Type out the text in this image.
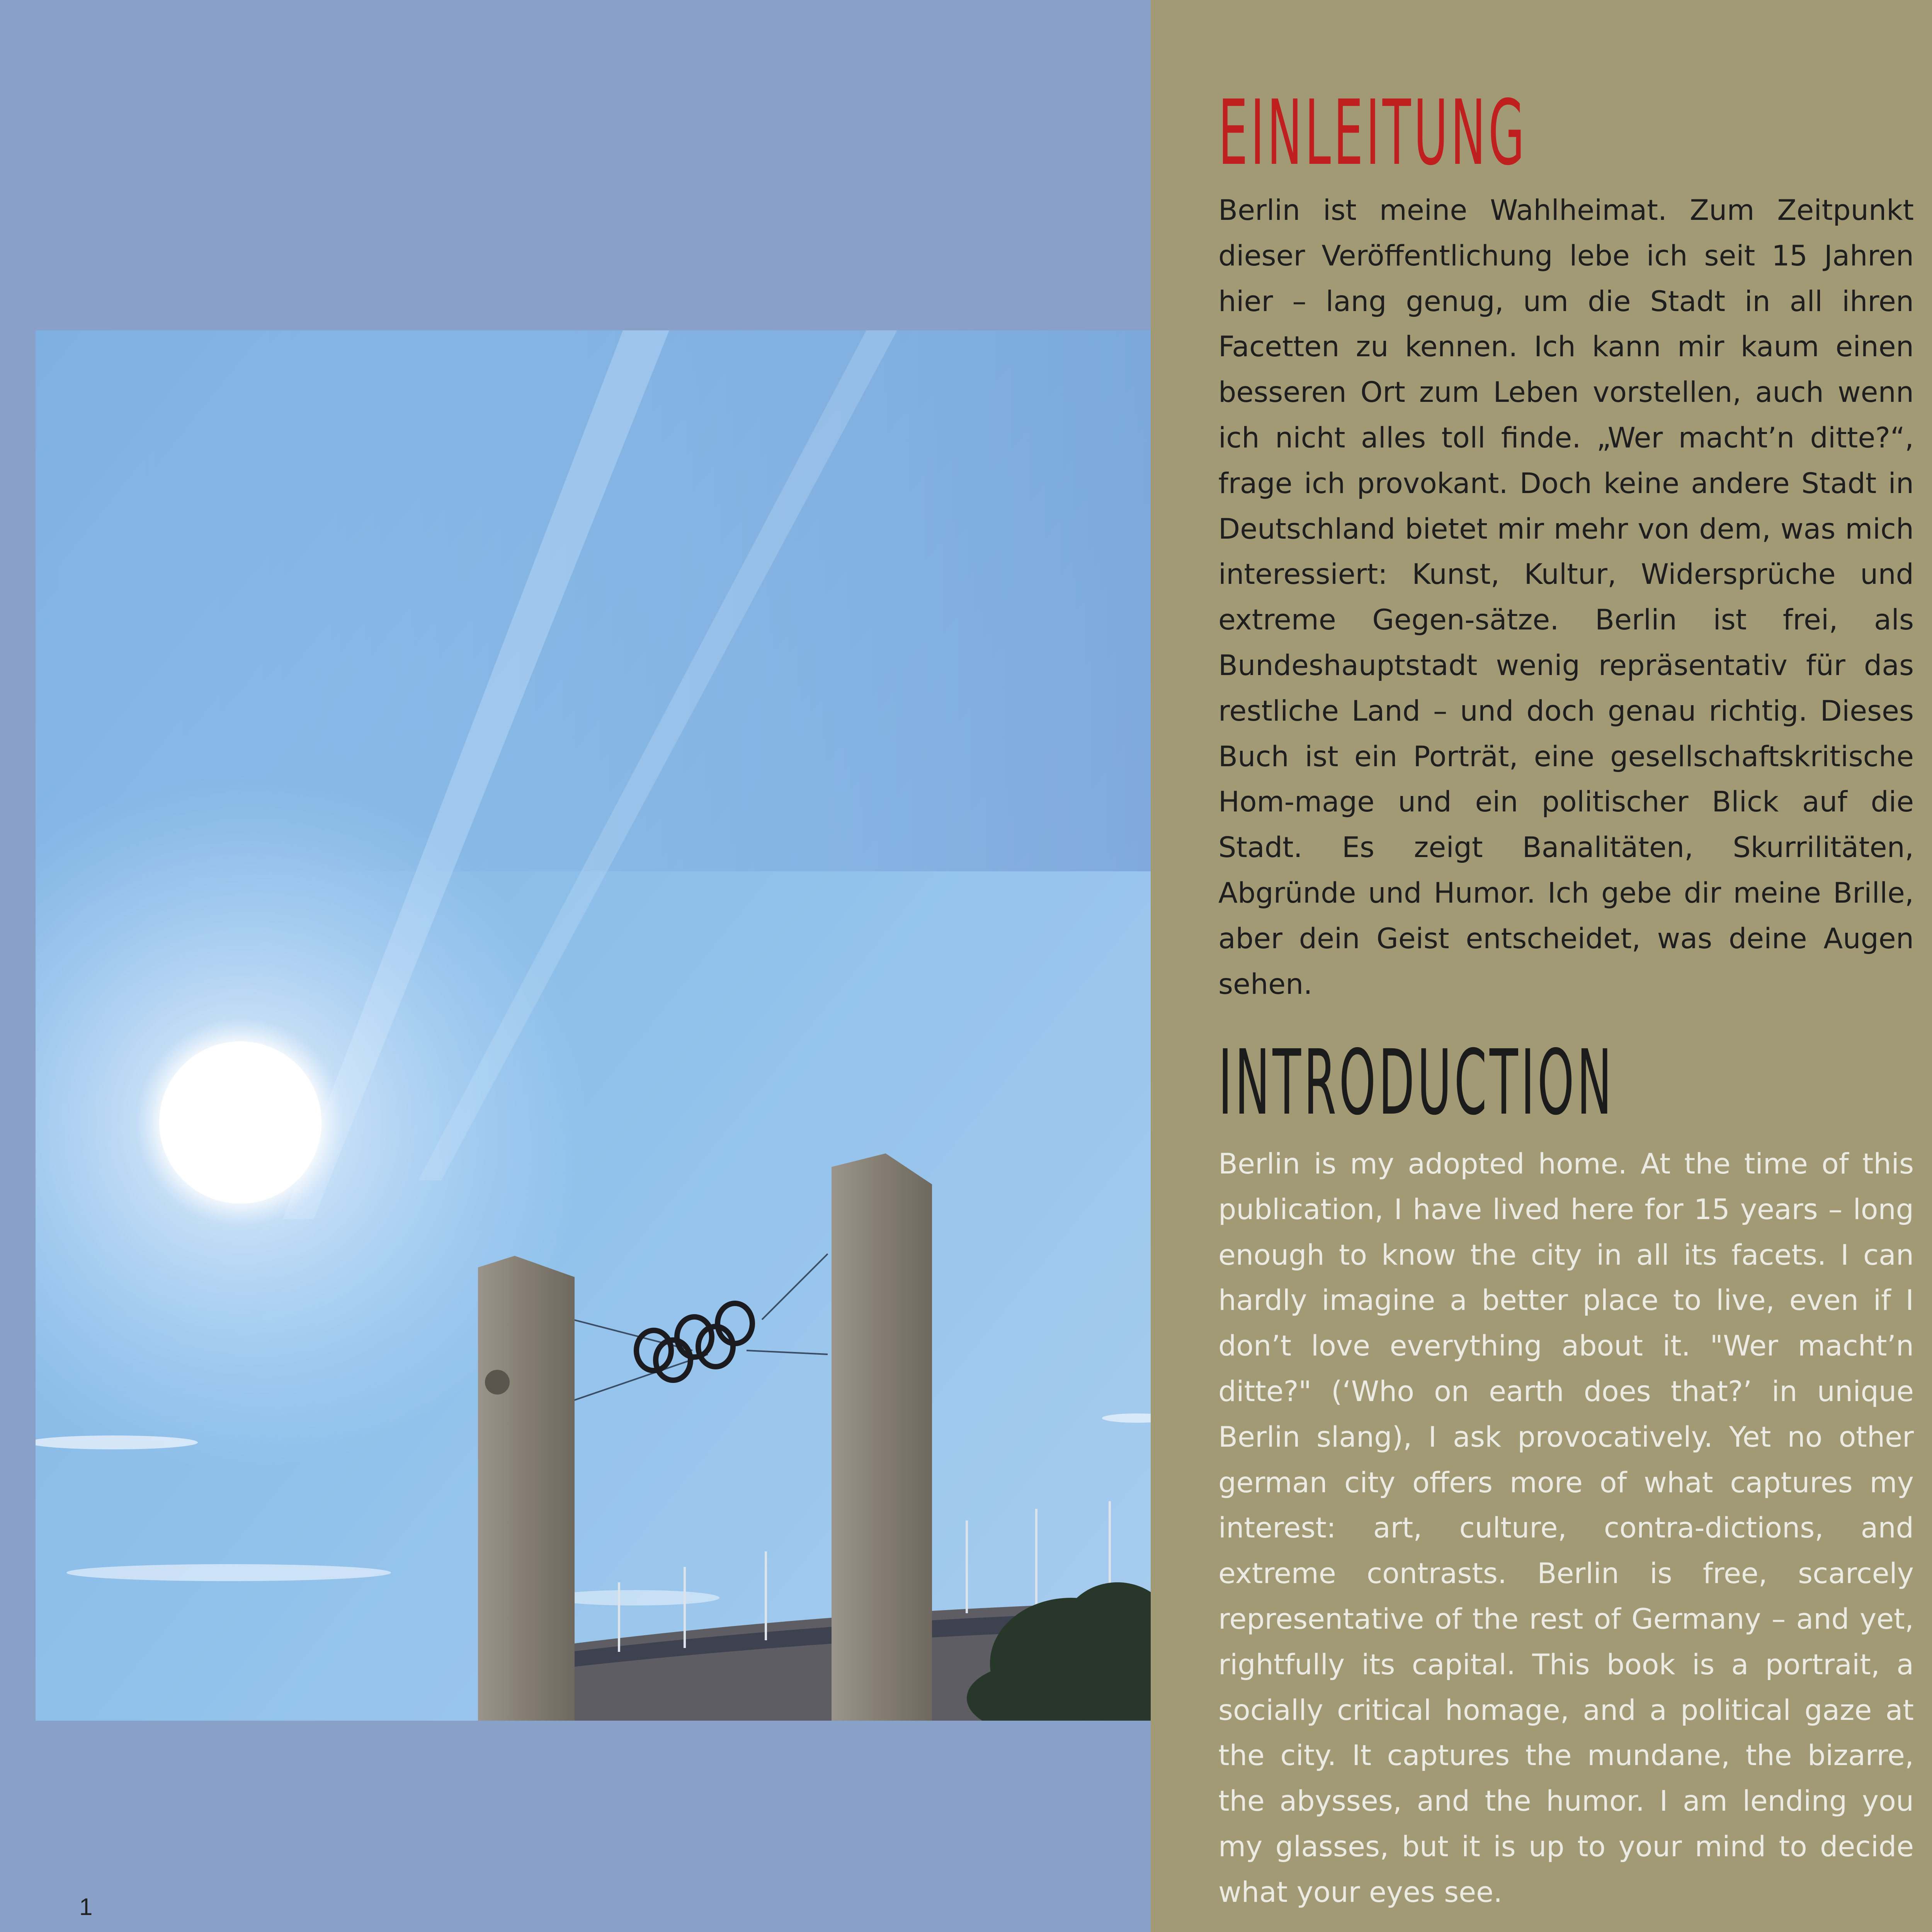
1
EINLEITUNG

Berlin ist meine Wahlheimat. Zum Zeitpunkt dieser Veröffentlichung lebe ich seit 15 Jahren hier – lang genug, um die Stadt in all ihren Facetten zu kennen. Ich kann mir kaum einen besseren Ort zum Leben vorstellen, auch wenn ich nicht alles toll finde. „Wer macht’n ditte?“, frage ich provokant. Doch keine andere Stadt in Deutschland bietet mir mehr von dem, was mich interessiert: Kunst, Kultur, Widersprüche und extreme Gegen-sätze. Berlin ist frei, als Bundeshauptstadt wenig repräsentativ für das restliche Land – und doch genau richtig. Dieses Buch ist ein Porträt, eine gesellschaftskritische Hom-mage und ein politischer Blick auf die Stadt. Es zeigt Banalitäten, Skurrilitäten, Abgründe und Humor. Ich gebe dir meine Brille, aber dein Geist entscheidet, was deine Augen sehen.

INTRODUCTION

Berlin is my adopted home. At the time of this publication, I have lived here for 15 years – long enough to know the city in all its facets. I can hardly imagine a better place to live, even if I don’t love everything about it. "Wer macht’n ditte?" (‘Who on earth does that?’ in unique Berlin slang), I ask provocatively. Yet no other german city offers more of what captures my interest: art, culture, contra-dictions, and extreme contrasts. Berlin is free, scarcely representative of the rest of Germany – and yet, rightfully its capital. This book is a portrait, a socially critical homage, and a political gaze at the city. It captures the mundane, the bizarre, the abysses, and the humor. I am lending you my glasses, but it is up to your mind to decide what your eyes see.
